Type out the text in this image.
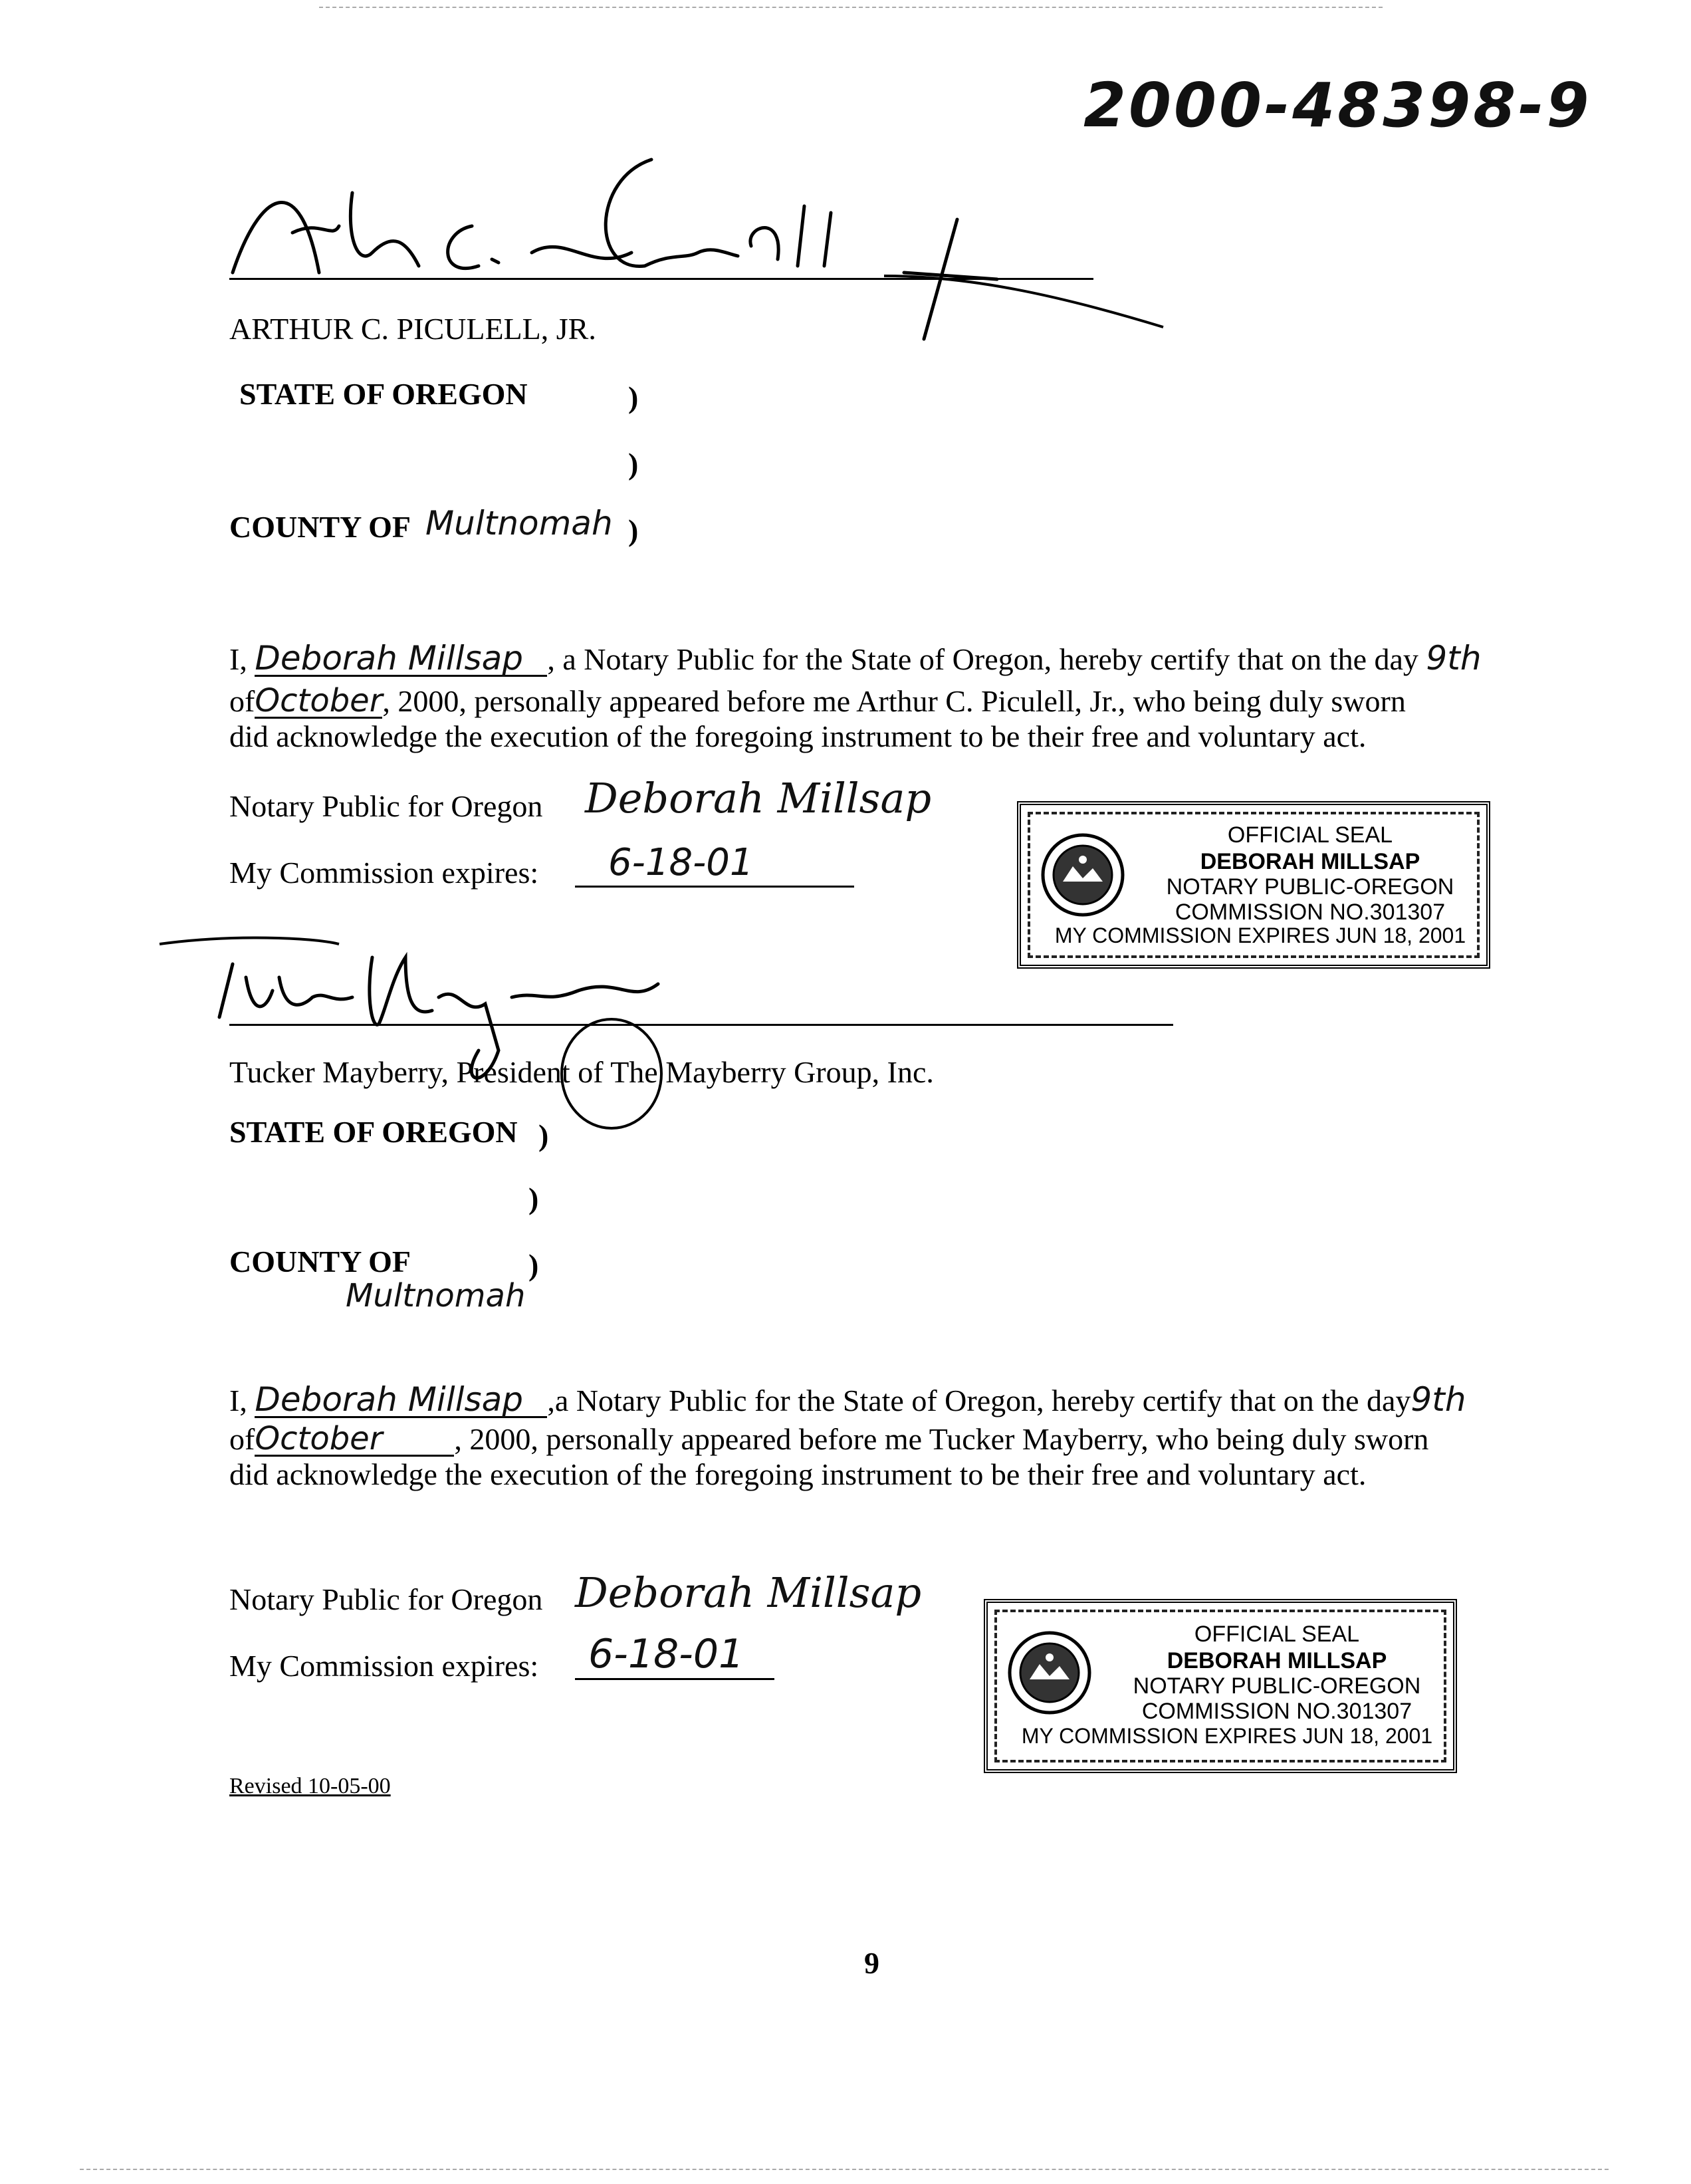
2000-48398-9
ARTHUR C. PICULELL, JR.
STATE OF OREGON	)
)
COUNTY OF Multnomah )
I, Deborah Millsap , a Notary Public for the State of Oregon, hereby certify that on the day 9th
ofOctober, 2000, personally appeared before me Arthur C. Piculell, Jr., who being duly sworn
did acknowledge the execution of the foregoing instrument to be their free and voluntary act.
Notary Public for Oregon Deborah Millsap
My Commission expires:	6-18-01
OFFICIAL SEAL
DEBORAH MILLSAP
NOTARY PUBLIC-OREGON
COMMISSION NO.301307
MY COMMISSION EXPIRES JUN 18, 2001
Tucker Mayberry, President of The Mayberry Group, Inc.
STATE OF OREGON )
)
COUNTY OF	)
Multnomah
I, Deborah Millsap ,a Notary Public for the State of Oregon, hereby certify that on the day9th
ofOctober , 2000, personally appeared before me Tucker Mayberry, who being duly sworn
did acknowledge the execution of the foregoing instrument to be their free and voluntary act.
Notary Public for Oregon Deborah Millsap
My Commission expires:	6-18-01	OFFICIAL SEAL
DEBORAH MILLSAP
NOTARY PUBLIC-OREGON
COMMISSION NO.301307
MY COMMISSION EXPIRES JUN 18, 2001
Revised 10-05-00
9
